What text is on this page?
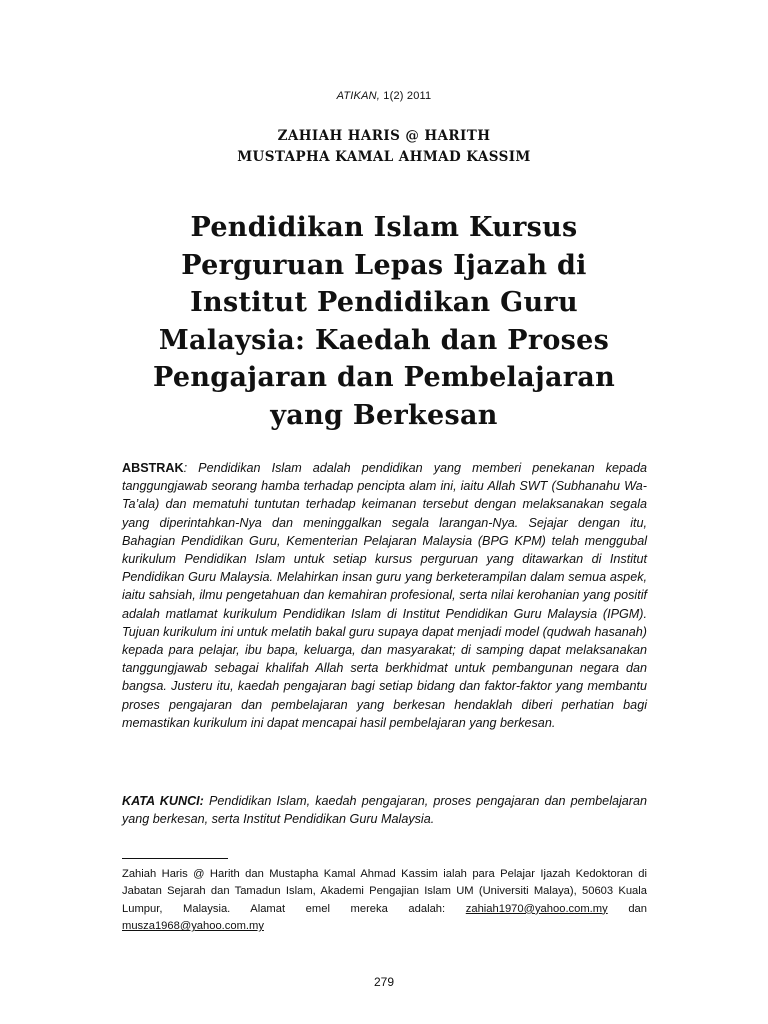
ATIKAN, 1(2) 2011
ZAHIAH HARIS @ HARITH
MUSTAPHA KAMAL AHMAD KASSIM
Pendidikan Islam Kursus
Perguruan Lepas Ijazah di
Institut Pendidikan Guru
Malaysia: Kaedah dan Proses
Pengajaran dan Pembelajaran
yang Berkesan
ABSTRAK: Pendidikan Islam adalah pendidikan yang memberi penekanan kepada tanggungjawab seorang hamba terhadap pencipta alam ini, iaitu Allah SWT (Subhanahu Wa-Ta’ala) dan mematuhi tuntutan terhadap keimanan tersebut dengan melaksanakan segala yang diperintahkan-Nya dan meninggalkan segala larangan-Nya. Sejajar dengan itu, Bahagian Pendidikan Guru, Kementerian Pelajaran Malaysia (BPG KPM) telah menggubal kurikulum Pendidikan Islam untuk setiap kursus perguruan yang ditawarkan di Institut Pendidikan Guru Malaysia. Melahirkan insan guru yang berketerampilan dalam semua aspek, iaitu sahsiah, ilmu pengetahuan dan kemahiran profesional, serta nilai kerohanian yang positif adalah matlamat kurikulum Pendidikan Islam di Institut Pendidikan Guru Malaysia (IPGM). Tujuan kurikulum ini untuk melatih bakal guru supaya dapat menjadi model (qudwah hasanah) kepada para pelajar, ibu bapa, keluarga, dan masyarakat; di samping dapat melaksanakan tanggungjawab sebagai khalifah Allah serta berkhidmat untuk pembangunan negara dan bangsa. Justeru itu, kaedah pengajaran bagi setiap bidang dan faktor-faktor yang membantu proses pengajaran dan pembelajaran yang berkesan hendaklah diberi perhatian bagi memastikan kurikulum ini dapat mencapai hasil pembelajaran yang berkesan.
KATA KUNCI: Pendidikan Islam, kaedah pengajaran, proses pengajaran dan pembelajaran yang berkesan, serta Institut Pendidikan Guru Malaysia.
Zahiah Haris @ Harith dan Mustapha Kamal Ahmad Kassim ialah para Pelajar Ijazah Kedoktoran di Jabatan Sejarah dan Tamadun Islam, Akademi Pengajian Islam UM (Universiti Malaya), 50603 Kuala Lumpur, Malaysia. Alamat emel mereka adalah: zahiah1970@yahoo.com.my dan musza1968@yahoo.com.my
279
